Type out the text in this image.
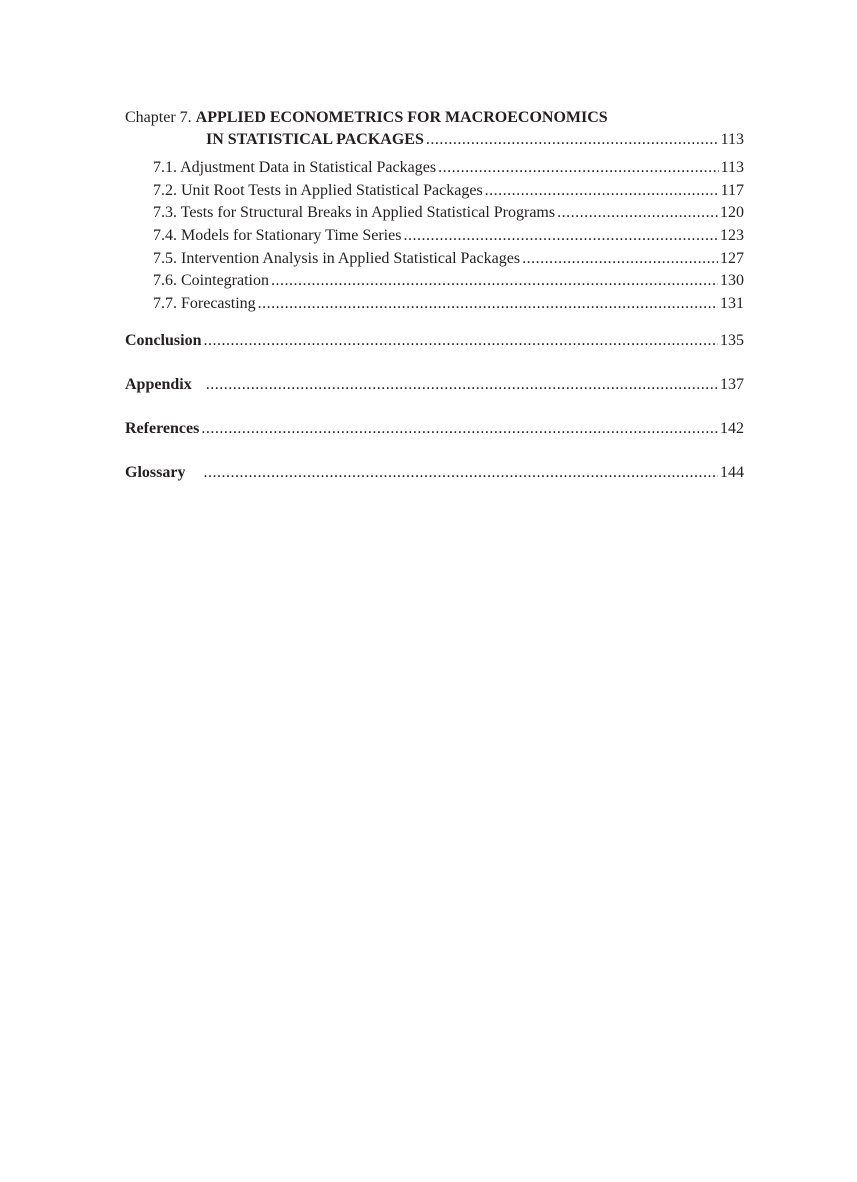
Chapter 7. APPLIED ECONOMETRICS FOR MACROECONOMICS
IN STATISTICAL PACKAGES .....	113
7.1. Adjustment Data in Statistical Packages .....	113
7.2. Unit Root Tests in Applied Statistical Packages .....	117
7.3. Tests for Structural Breaks in Applied Statistical Programs .....	120
7.4. Models for Stationary Time Series .....	123
7.5. Intervention Analysis in Applied Statistical Packages .....	127
7.6. Cointegration .....	130
7.7. Forecasting .....	131
Conclusion .....	135
Appendix .....	137
References .....	142
Glossary .....	144
